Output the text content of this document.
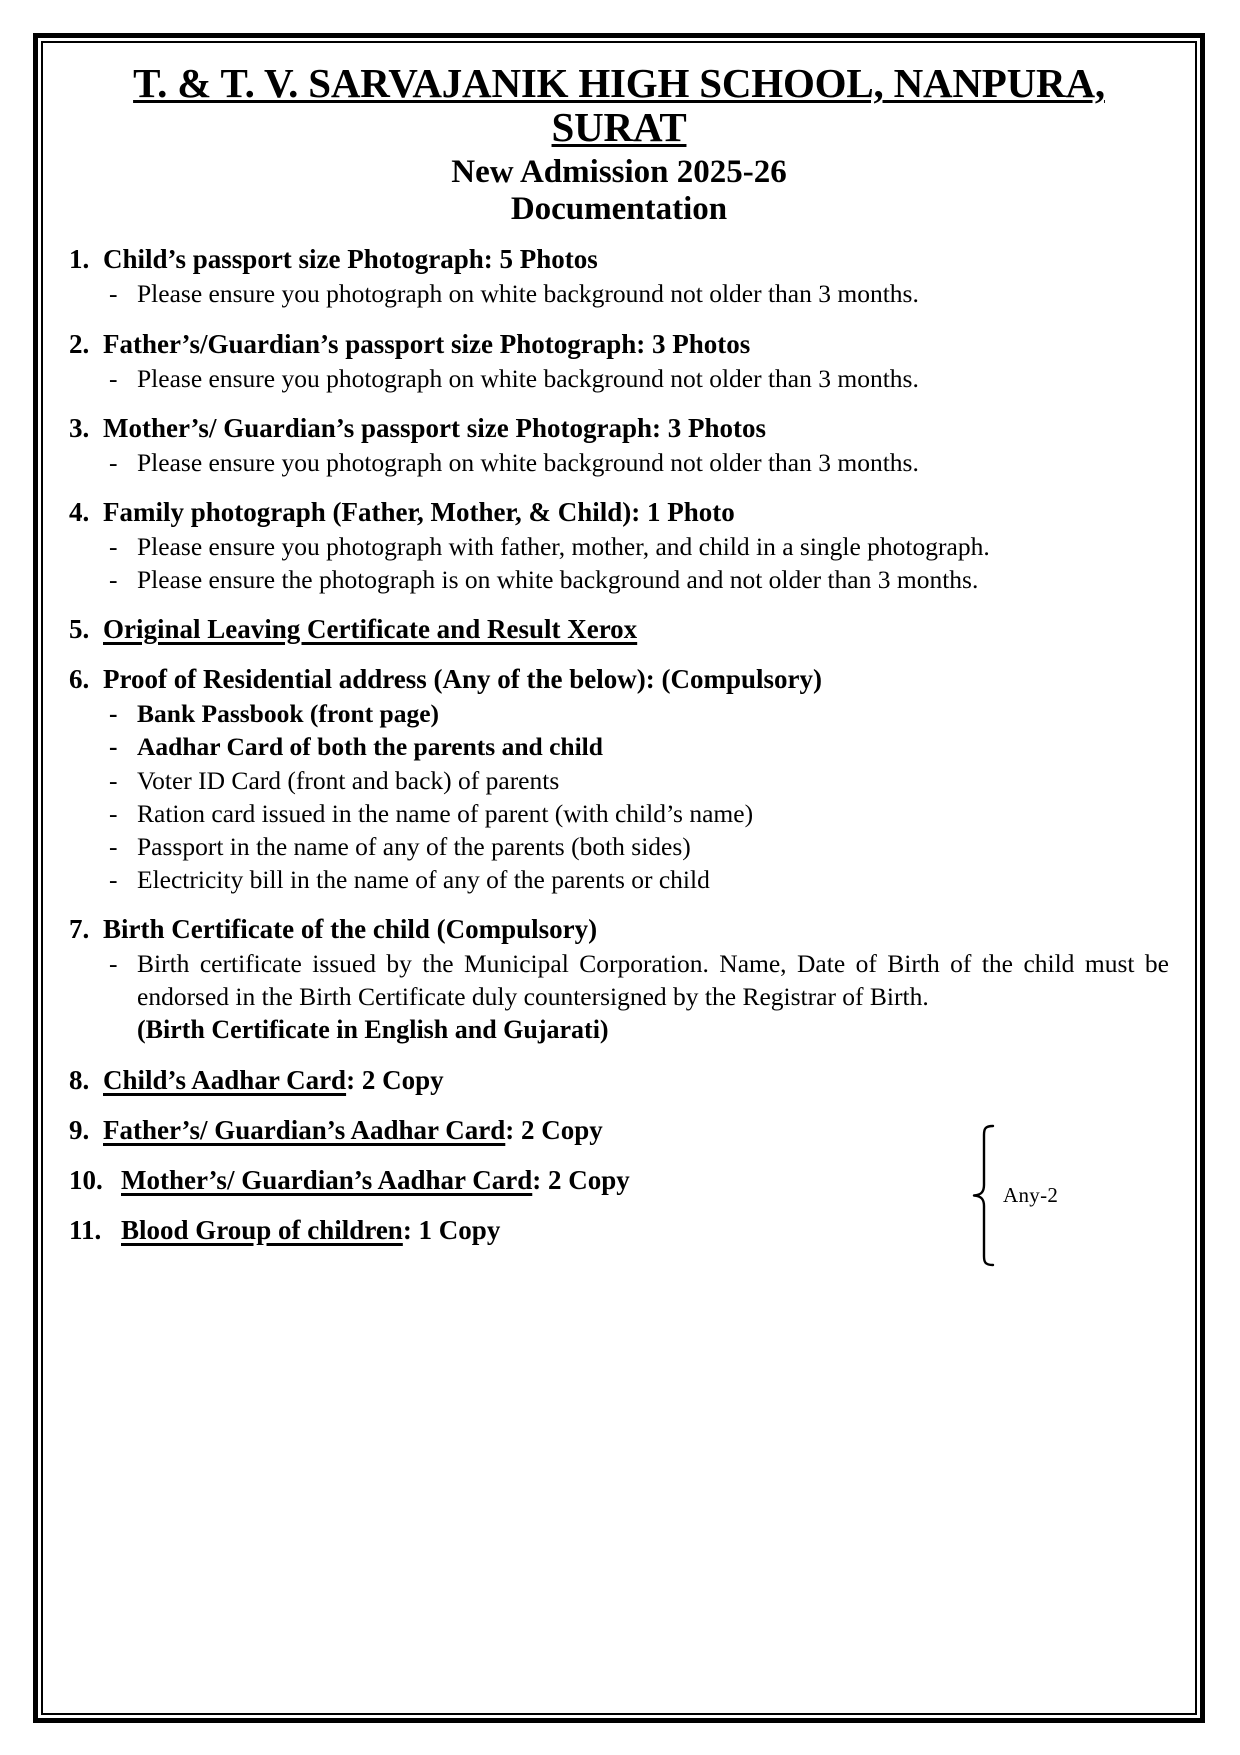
T. & T. V. SARVAJANIK HIGH SCHOOL, NANPURA,
SURAT
New Admission 2025-26
Documentation
1. Child’s passport size Photograph: 5 Photos
- Please ensure you photograph on white background not older than 3 months.
2. Father’s/Guardian’s passport size Photograph: 3 Photos
- Please ensure you photograph on white background not older than 3 months.
3. Mother’s/ Guardian’s passport size Photograph: 3 Photos
- Please ensure you photograph on white background not older than 3 months.
4. Family photograph (Father, Mother, & Child): 1 Photo
- Please ensure you photograph with father, mother, and child in a single photograph.
- Please ensure the photograph is on white background and not older than 3 months.
5. Original Leaving Certificate and Result Xerox
6. Proof of Residential address (Any of the below): (Compulsory)
- Bank Passbook (front page)
- Aadhar Card of both the parents and child
- Voter ID Card (front and back) of parents
- Ration card issued in the name of parent (with child’s name)
- Passport in the name of any of the parents (both sides)
- Electricity bill in the name of any of the parents or child
7. Birth Certificate of the child (Compulsory)
- Birth certificate issued by the Municipal Corporation. Name, Date of Birth of the child must be endorsed in the Birth Certificate duly countersigned by the Registrar of Birth.
(Birth Certificate in English and Gujarati)
8. Child’s Aadhar Card: 2 Copy
9. Father’s/ Guardian’s Aadhar Card: 2 Copy
10. Mother’s/ Guardian’s Aadhar Card: 2 Copy
11. Blood Group of children: 1 Copy
Any-2
